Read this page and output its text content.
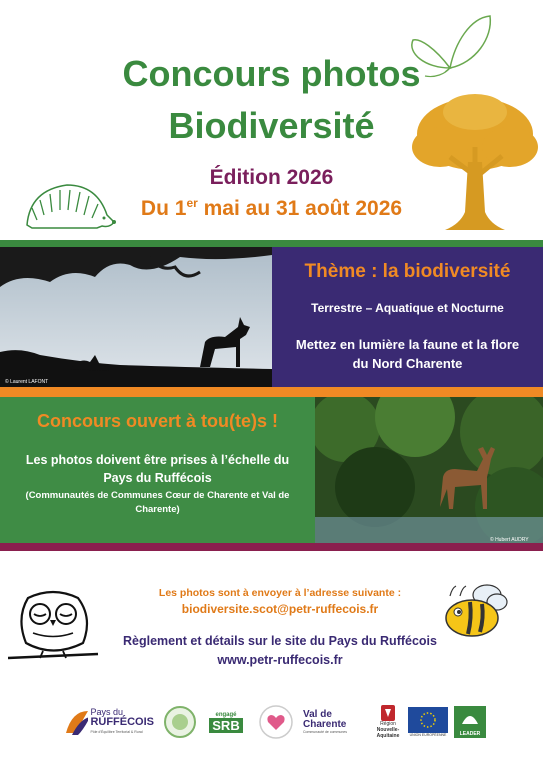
Concours photos
Biodiversité
Édition 2026
Du 1er mai au 31 août 2026
© Laurent LAFONT
Thème : la biodiversité
Terrestre – Aquatique et Nocturne
Mettez en lumière la faune et la flore du Nord Charente
Concours ouvert à tou(te)s !
Les photos doivent être prises à l’échelle du Pays du Ruffécois
(Communautés de Communes Cœur de Charente et Val de Charente)
© Hubert AUDRY
Les photos sont à envoyer à l’adresse suivante :
biodiversite.scot@petr-ruffecois.fr
Règlement et détails sur le site du Pays du Ruffécois
www.petr-ruffecois.fr
Pays du
RUFFÉCOIS
Pôle d'Équilibre Territorial & Rural
engagé
SRB
Val de
Charente
Communauté de communes
Région
Nouvelle-
Aquitaine	UNION EUROPÉENNE	LEADER
